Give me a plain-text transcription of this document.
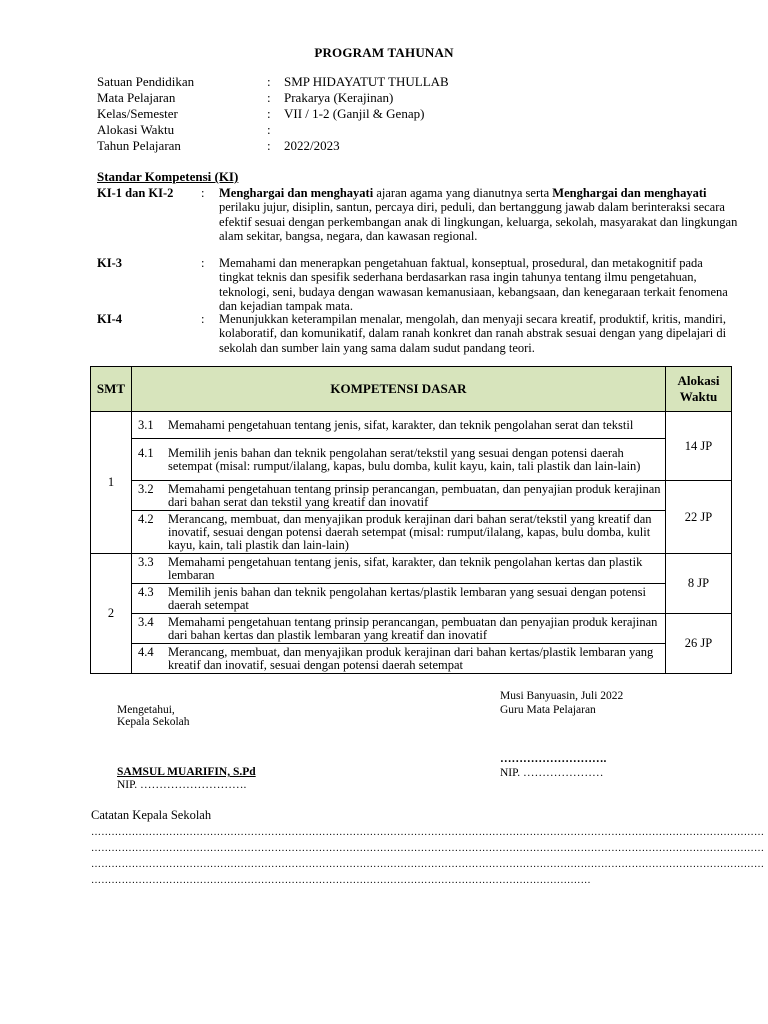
PROGRAM TAHUNAN
Satuan Pendidikan	: SMP HIDAYATUT THULLAB
Mata Pelajaran	: Prakarya (Kerajinan)
Kelas/Semester	: VII / 1-2 (Ganjil & Genap)
Alokasi Waktu	:
Tahun Pelajaran	: 2022/2023
Standar Kompetensi (KI)
KI-1 dan KI-2 : Menghargai dan menghayati ajaran agama yang dianutnya serta Menghargai dan menghayati perilaku jujur, disiplin, santun, percaya diri, peduli, dan bertanggung jawab dalam berinteraksi secara efektif sesuai dengan perkembangan anak di lingkungan, keluarga, sekolah, masyarakat dan lingkungan alam sekitar, bangsa, negara, dan kawasan regional.
KI-3	: Memahami dan menerapkan pengetahuan faktual, konseptual, prosedural, dan metakognitif pada tingkat teknis dan spesifik sederhana berdasarkan rasa ingin tahunya tentang ilmu pengetahuan, teknologi, seni, budaya dengan wawasan kemanusiaan, kebangsaan, dan kenegaraan terkait fenomena dan kejadian tampak mata.
KI-4	: Menunjukkan keterampilan menalar, mengolah, dan menyaji secara kreatif, produktif, kritis, mandiri, kolaboratif, dan komunikatif, dalam ranah konkret dan ranah abstrak sesuai dengan yang dipelajari di sekolah dan sumber lain yang sama dalam sudut pandang teori.
SMT	KOMPETENSI DASAR	Alokasi Waktu
1	3.1 Memahami pengetahuan tentang jenis, sifat, karakter, dan teknik pengolahan serat dan tekstil	14 JP

	4.1 Memilih jenis bahan dan teknik pengolahan serat/tekstil yang sesuai dengan potensi daerah setempat (misal: rumput/ilalang, kapas, bulu domba, kulit kayu, kain, tali plastik dan lain-lain)	

	3.2 Memahami pengetahuan tentang prinsip perancangan, pembuatan, dan penyajian produk kerajinan dari bahan serat dan tekstil yang kreatif dan inovatif	22 JP

	4.2 Merancang, membuat, dan menyajikan produk kerajinan dari bahan serat/tekstil yang kreatif dan inovatif, sesuai dengan potensi daerah setempat (misal: rumput/ilalang, kapas, bulu domba, kulit kayu, kain, tali plastik dan lain-lain)	

2	3.3 Memahami pengetahuan tentang jenis, sifat, karakter, dan teknik pengolahan kertas dan plastik lembaran	8 JP

	4.3 Memilih jenis bahan dan teknik pengolahan kertas/plastik lembaran yang sesuai dengan potensi daerah setempat	

	3.4 Memahami pengetahuan tentang prinsip perancangan, pembuatan dan penyajian produk kerajinan dari bahan kertas dan plastik lembaran yang kreatif dan inovatif	26 JP

	4.4 Merancang, membuat, dan menyajikan produk kerajinan dari bahan kertas/plastik lembaran yang kreatif dan inovatif, sesuai dengan potensi daerah setempat	
Musi Banyuasin, Juli 2022
Guru Mata Pelajaran
Mengetahui,
Kepala Sekolah
SAMSUL MUARIFIN, S.Pd
NIP. ……………………….
……………………….
NIP. …………………
Catatan Kepala Sekolah
………………………………………………………………………………………………………………………………………………………………………………
………………………………………………………………………………………………………………………………………………………………………………
………………………………………………………………………………………………………………………………………………………………………………
…………………………………………………………………………………………………………………………………
